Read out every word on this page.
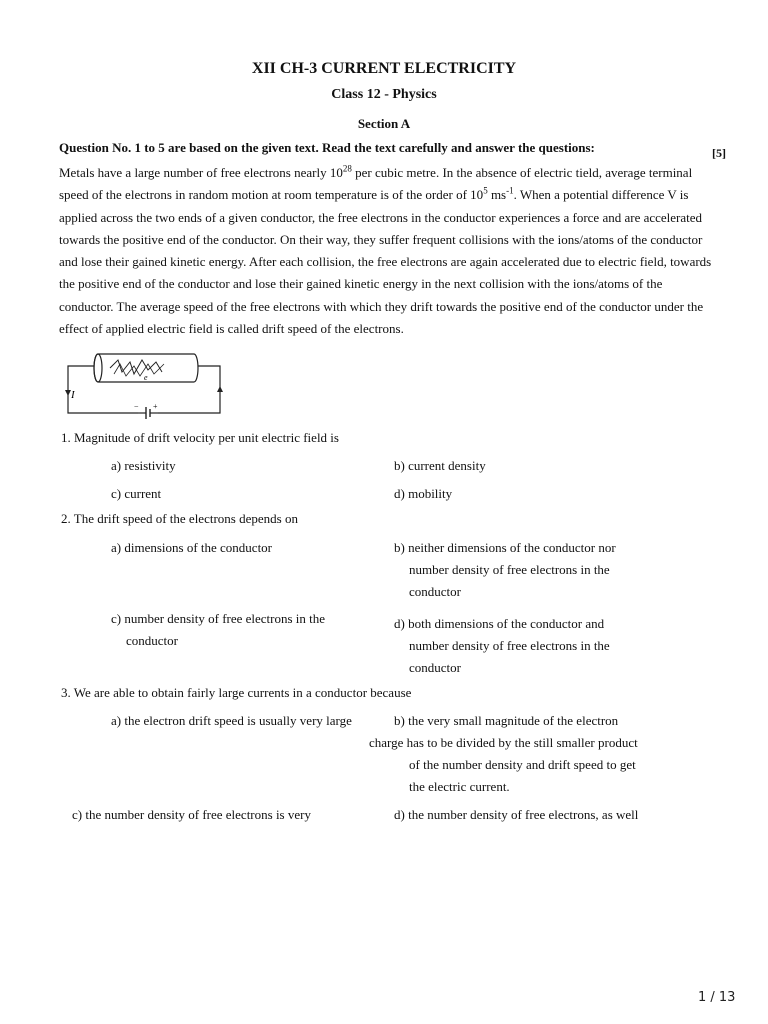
XII CH-3 CURRENT ELECTRICITY
Class 12 - Physics
Section A
Question No. 1 to 5 are based on the given text. Read the text carefully and answer the questions:	[5]
Metals have a large number of free electrons nearly $10^{28}$ per cubic metre. In the absence of electric tield, average terminal speed of the electrons in random motion at room temperature is of the order of $10^5$ $ms^{-1}$. When a potential difference V is applied across the two ends of a given conductor, the free electrons in the conductor experiences a force and are accelerated towards the positive end of the conductor. On their way, they suffer frequent collisions with the ions/atoms of the conductor and lose their gained kinetic energy. After each collision, the free electrons are again accelerated due to electric field, towards the positive end of the conductor and lose their gained kinetic energy in the next collision with the ions/atoms of the conductor. The average speed of the free electrons with which they drift towards the positive end of the conductor under the effect of applied electric field is called drift speed of the electrons.
I
e
− +
1. Magnitude of drift velocity per unit electric field is
a) resistivity	b) current density
c) current	d) mobility
2. The drift speed of the electrons depends on
a) dimensions of the conductor	b) neither dimensions of the conductor nor
number density of free electrons in the
conductor
c) number density of free electrons in the
conductor
d) both dimensions of the conductor and
number density of free electrons in the
conductor
3. We are able to obtain fairly large currents in a conductor because
a) the electron drift speed is usually very large	b) the very small magnitude of the electron
charge has to be divided by the still smaller product
of the number density and drift speed to get
the electric current.
c) the number density of free electrons is very	d) the number density of free electrons, as well
1 / 13
